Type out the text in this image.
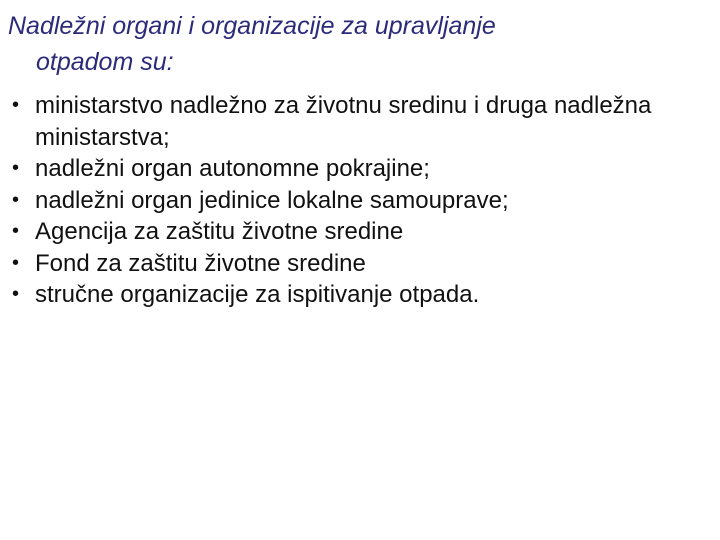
Nadležni organi i organizacije za upravljanje
otpadom su:
• ministarstvo nadležno za životnu sredinu i druga nadležna ministarstva;
• nadležni organ autonomne pokrajine;
• nadležni organ jedinice lokalne samouprave;
• Agencija za zaštitu životne sredine
• Fond za zaštitu životne sredine
• stručne organizacije za ispitivanje otpada.
